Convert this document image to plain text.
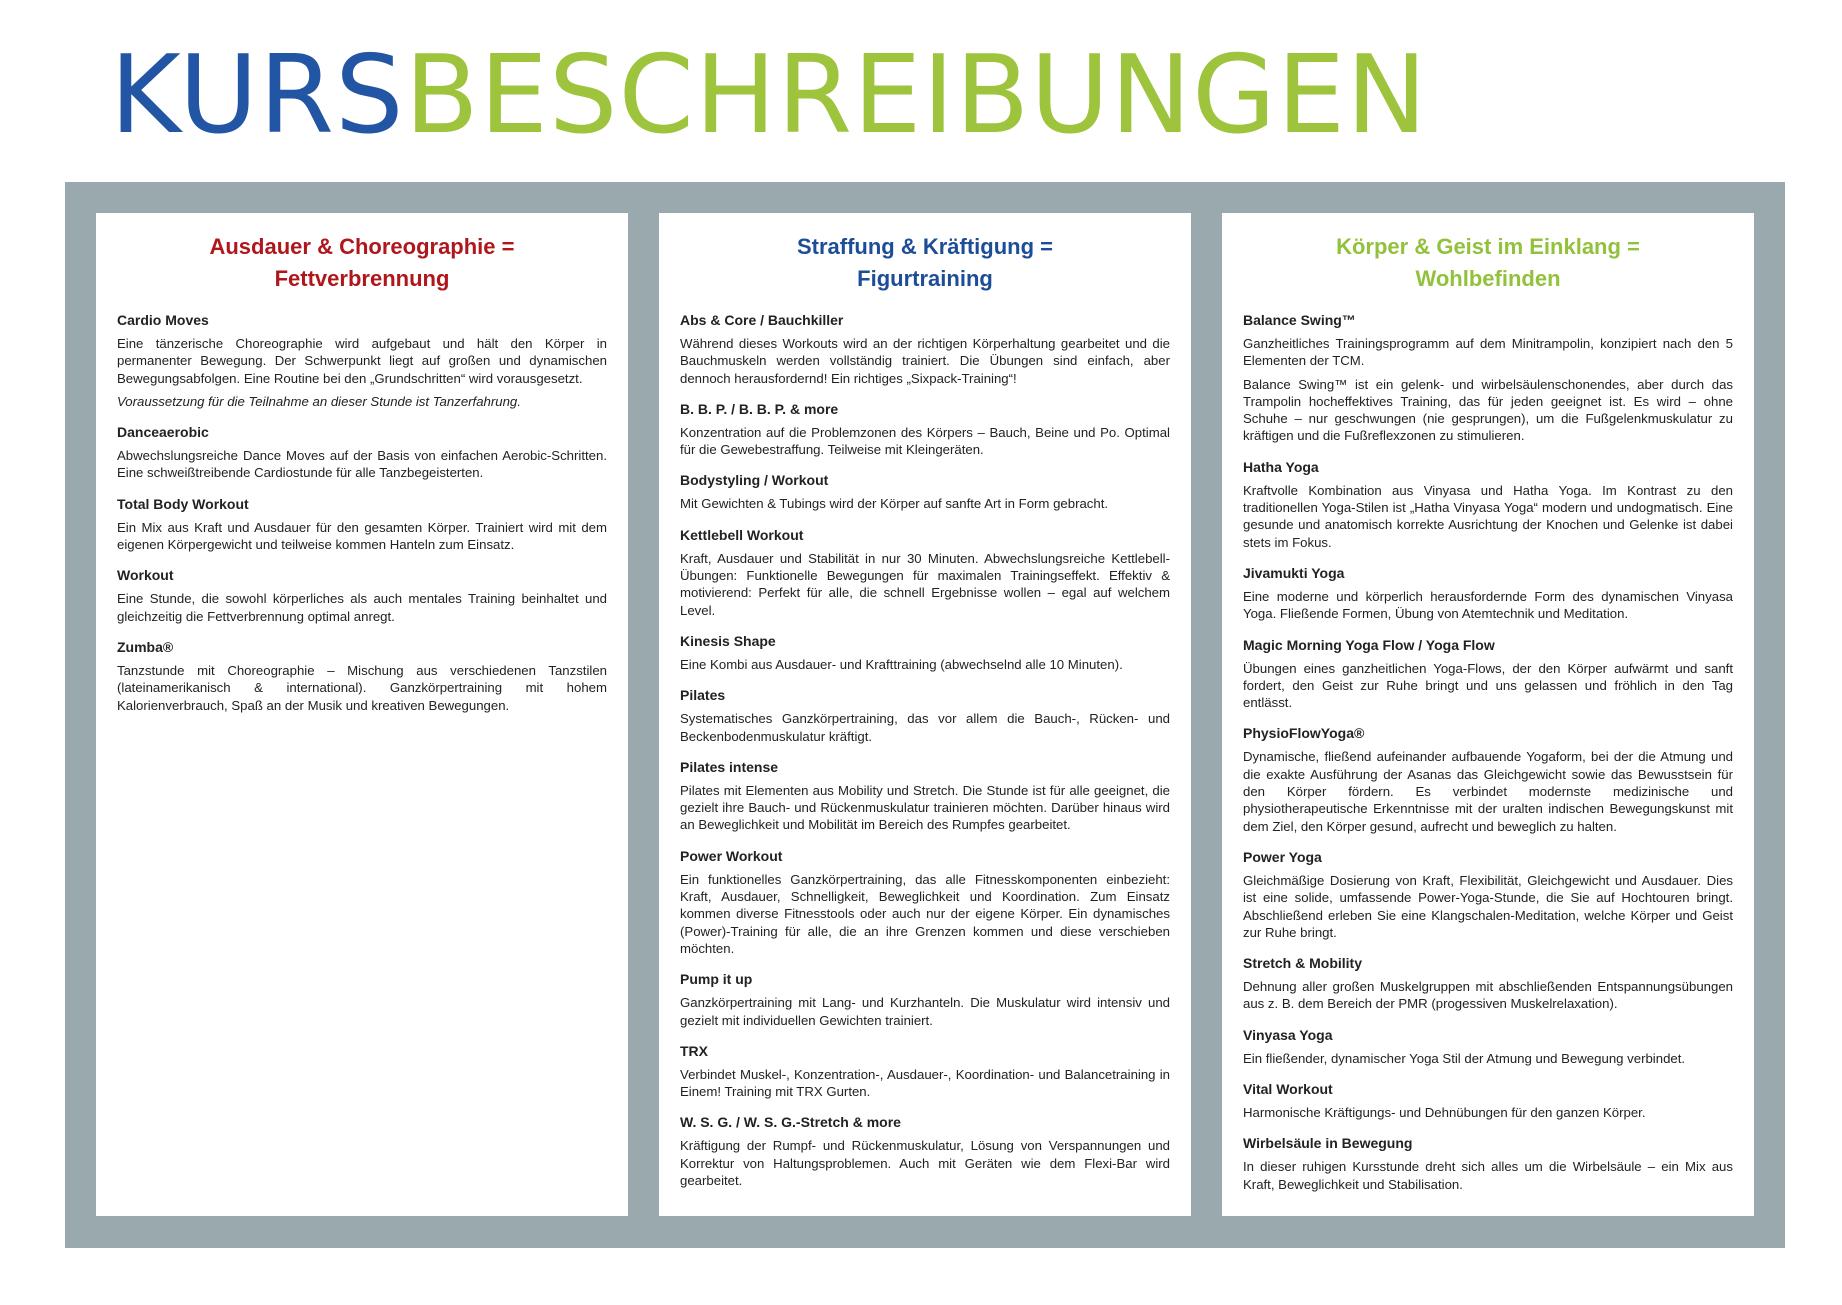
KURSBESCHREIBUNGEN
Ausdauer & Choreographie =
Fettverbrennung
Cardio Moves
Eine tänzerische Choreographie wird aufgebaut und hält den Körper in permanenter Bewegung. Der Schwerpunkt liegt auf großen und dynamischen Bewegungsabfolgen. Eine Routine bei den „Grundschritten“ wird vorausgesetzt.
Voraussetzung für die Teilnahme an dieser Stunde ist Tanzerfahrung.
Danceaerobic
Abwechslungsreiche Dance Moves auf der Basis von einfachen Aerobic-Schritten. Eine schweißtreibende Cardiostunde für alle Tanzbegeisterten.
Total Body Workout
Ein Mix aus Kraft und Ausdauer für den gesamten Körper. Trainiert wird mit dem eigenen Körpergewicht und teilweise kommen Hanteln zum Einsatz.
Workout
Eine Stunde, die sowohl körperliches als auch mentales Training beinhaltet und gleichzeitig die Fettverbrennung optimal anregt.
Zumba®
Tanzstunde mit Choreographie – Mischung aus verschiedenen Tanzstilen (lateinamerikanisch & international). Ganzkörpertraining mit hohem Kalorienverbrauch, Spaß an der Musik und kreativen Bewegungen.
Straffung & Kräftigung =
Figurtraining
Abs & Core / Bauchkiller
Während dieses Workouts wird an der richtigen Körperhaltung gearbeitet und die Bauchmuskeln werden vollständig trainiert. Die Übungen sind einfach, aber dennoch herausfordernd! Ein richtiges „Sixpack-Training“!
B. B. P. / B. B. P. & more
Konzentration auf die Problemzonen des Körpers – Bauch, Beine und Po. Optimal für die Gewebestraffung. Teilweise mit Kleingeräten.
Bodystyling / Workout
Mit Gewichten & Tubings wird der Körper auf sanfte Art in Form gebracht.
Kettlebell Workout
Kraft, Ausdauer und Stabilität in nur 30 Minuten. Abwechslungsreiche Kettlebell-Übungen: Funktionelle Bewegungen für maximalen Trainingseffekt. Effektiv & motivierend: Perfekt für alle, die schnell Ergebnisse wollen – egal auf welchem Level.
Kinesis Shape
Eine Kombi aus Ausdauer- und Krafttraining (abwechselnd alle 10 Minuten).
Pilates
Systematisches Ganzkörpertraining, das vor allem die Bauch-, Rücken- und Beckenbodenmuskulatur kräftigt.
Pilates intense
Pilates mit Elementen aus Mobility und Stretch. Die Stunde ist für alle geeignet, die gezielt ihre Bauch- und Rückenmuskulatur trainieren möchten. Darüber hinaus wird an Beweglichkeit und Mobilität im Bereich des Rumpfes gearbeitet.
Power Workout
Ein funktionelles Ganzkörpertraining, das alle Fitnesskomponenten einbezieht: Kraft, Ausdauer, Schnelligkeit, Beweglichkeit und Koordination. Zum Einsatz kommen diverse Fitnesstools oder auch nur der eigene Körper. Ein dynamisches (Power)-Training für alle, die an ihre Grenzen kommen und diese verschieben möchten.
Pump it up
Ganzkörpertraining mit Lang- und Kurzhanteln. Die Muskulatur wird intensiv und gezielt mit individuellen Gewichten trainiert.
TRX
Verbindet Muskel-, Konzentration-, Ausdauer-, Koordination- und Balancetraining in Einem! Training mit TRX Gurten.
W. S. G. / W. S. G.-Stretch & more
Kräftigung der Rumpf- und Rückenmuskulatur, Lösung von Verspannungen und Korrektur von Haltungsproblemen. Auch mit Geräten wie dem Flexi-Bar wird gearbeitet.
Körper & Geist im Einklang =
Wohlbefinden
Balance Swing™
Ganzheitliches Trainingsprogramm auf dem Minitrampolin, konzipiert nach den 5 Elementen der TCM.
Balance Swing™ ist ein gelenk- und wirbelsäulenschonendes, aber durch das Trampolin hocheffektives Training, das für jeden geeignet ist. Es wird – ohne Schuhe – nur geschwungen (nie gesprungen), um die Fußgelenkmuskulatur zu kräftigen und die Fußreflexzonen zu stimulieren.
Hatha Yoga
Kraftvolle Kombination aus Vinyasa und Hatha Yoga. Im Kontrast zu den traditionellen Yoga-Stilen ist „Hatha Vinyasa Yoga“ modern und undogmatisch. Eine gesunde und anatomisch korrekte Ausrichtung der Knochen und Gelenke ist dabei stets im Fokus.
Jivamukti Yoga
Eine moderne und körperlich herausfordernde Form des dynamischen Vinyasa Yoga. Fließende Formen, Übung von Atemtechnik und Meditation.
Magic Morning Yoga Flow / Yoga Flow
Übungen eines ganzheitlichen Yoga-Flows, der den Körper aufwärmt und sanft fordert, den Geist zur Ruhe bringt und uns gelassen und fröhlich in den Tag entlässt.
PhysioFlowYoga®
Dynamische, fließend aufeinander aufbauende Yogaform, bei der die Atmung und die exakte Ausführung der Asanas das Gleichgewicht sowie das Bewusstsein für den Körper fördern. Es verbindet modernste medizinische und physiotherapeutische Erkenntnisse mit der uralten indischen Bewegungskunst mit dem Ziel, den Körper gesund, aufrecht und beweglich zu halten.
Power Yoga
Gleichmäßige Dosierung von Kraft, Flexibilität, Gleichgewicht und Ausdauer. Dies ist eine solide, umfassende Power-Yoga-Stunde, die Sie auf Hochtouren bringt. Abschließend erleben Sie eine Klangschalen-Meditation, welche Körper und Geist zur Ruhe bringt.
Stretch & Mobility
Dehnung aller großen Muskelgruppen mit abschließenden Entspannungsübungen aus z. B. dem Bereich der PMR (progessiven Muskelrelaxation).
Vinyasa Yoga
Ein fließender, dynamischer Yoga Stil der Atmung und Bewegung verbindet.
Vital Workout
Harmonische Kräftigungs- und Dehnübungen für den ganzen Körper.
Wirbelsäule in Bewegung
In dieser ruhigen Kursstunde dreht sich alles um die Wirbelsäule – ein Mix aus Kraft, Beweglichkeit und Stabilisation.
